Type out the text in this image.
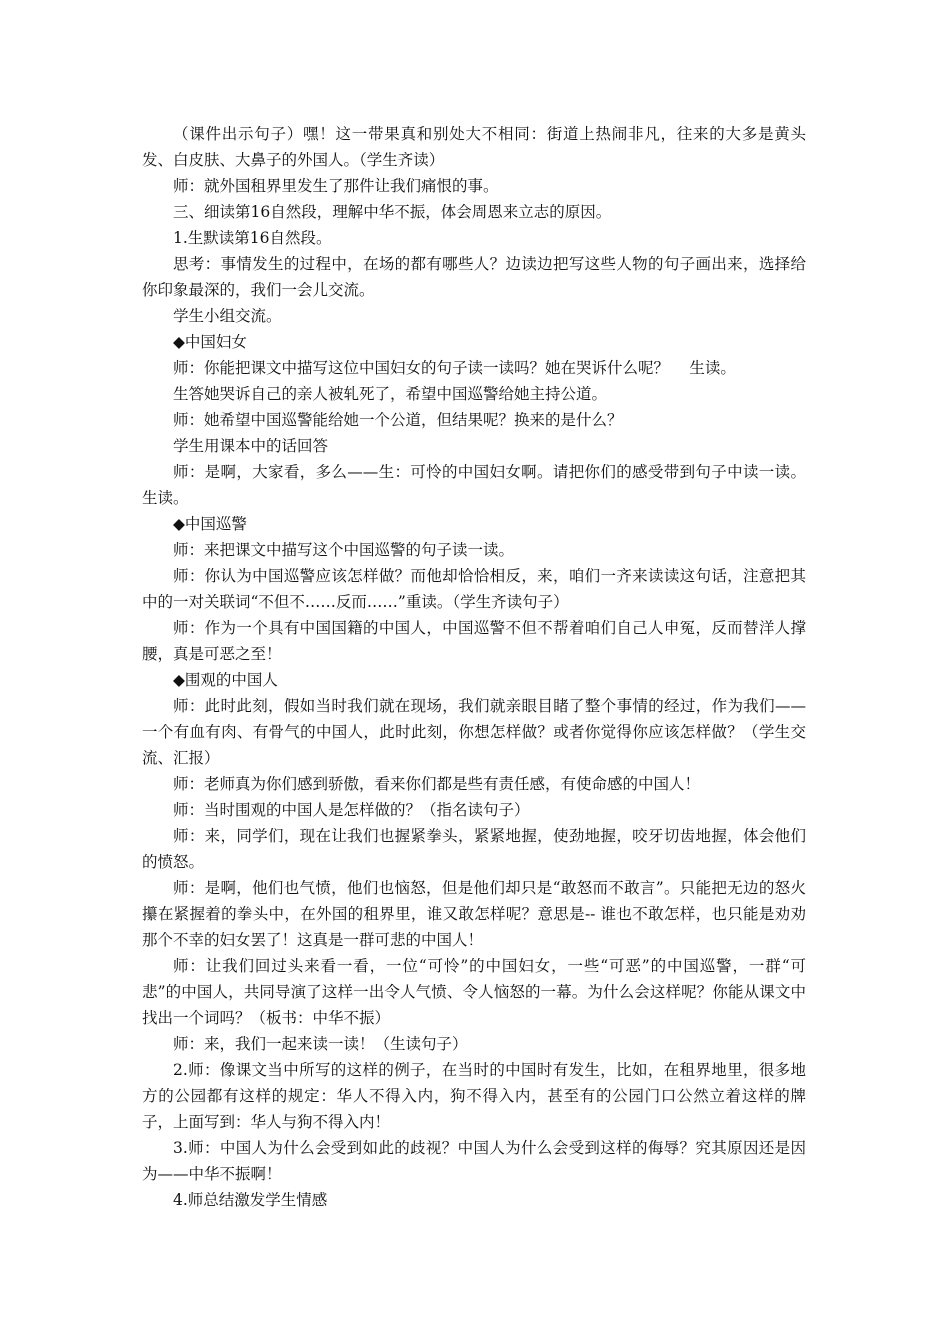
（课件出示句子）嘿！这一带果真和别处大不相同：街道上热闹非凡，往来的大多是黄头发、白皮肤、大鼻子的外国人。（学生齐读）

师：就外国租界里发生了那件让我们痛恨的事。

三、细读第16自然段，理解中华不振，体会周恩来立志的原因。

1.生默读第16自然段。

思考：事情发生的过程中，在场的都有哪些人？边读边把写这些人物的句子画出来，选择给你印象最深的，我们一会儿交流。

学生小组交流。

◆中国妇女

师：你能把课文中描写这位中国妇女的句子读一读吗？她在哭诉什么呢？　 生读。

生答她哭诉自己的亲人被轧死了，希望中国巡警给她主持公道。

师：她希望中国巡警能给她一个公道，但结果呢？换来的是什么？

学生用课本中的话回答

师：是啊，大家看，多么——生：可怜的中国妇女啊。请把你们的感受带到句子中读一读。 生读。

◆中国巡警

师：来把课文中描写这个中国巡警的句子读一读。

师：你认为中国巡警应该怎样做？而他却恰恰相反，来，咱们一齐来读读这句话，注意把其中的一对关联词“不但不……反而……”重读。（学生齐读句子）

师：作为一个具有中国国籍的中国人，中国巡警不但不帮着咱们自己人申冤，反而替洋人撑腰，真是可恶之至！

◆围观的中国人

师：此时此刻，假如当时我们就在现场，我们就亲眼目睹了整个事情的经过，作为我们——一个有血有肉、有骨气的中国人，此时此刻，你想怎样做？或者你觉得你应该怎样做？（学生交流、汇报）

师：老师真为你们感到骄傲，看来你们都是些有责任感，有使命感的中国人！

师：当时围观的中国人是怎样做的？（指名读句子）

师：来，同学们，现在让我们也握紧拳头，紧紧地握，使劲地握，咬牙切齿地握，体会他们的愤怒。

师：是啊，他们也气愤，他们也恼怒，但是他们却只是“敢怒而不敢言”。只能把无边的怒火攥在紧握着的拳头中，在外国的租界里，谁又敢怎样呢？意思是-- 谁也不敢怎样，也只能是劝劝那个不幸的妇女罢了！这真是一群可悲的中国人！

师：让我们回过头来看一看，一位“可怜”的中国妇女，一些“可恶”的中国巡警，一群“可悲”的中国人，共同导演了这样一出令人气愤、令人恼怒的一幕。为什么会这样呢？你能从课文中找出一个词吗？（板书：中华不振）

师：来，我们一起来读一读！（生读句子）

2.师：像课文当中所写的这样的例子，在当时的中国时有发生，比如，在租界地里，很多地方的公园都有这样的规定：华人不得入内，狗不得入内，甚至有的公园门口公然立着这样的牌子，上面写到：华人与狗不得入内！

3.师：中国人为什么会受到如此的歧视？中国人为什么会受到这样的侮辱？究其原因还是因为——中华不振啊！

4.师总结激发学生情感
